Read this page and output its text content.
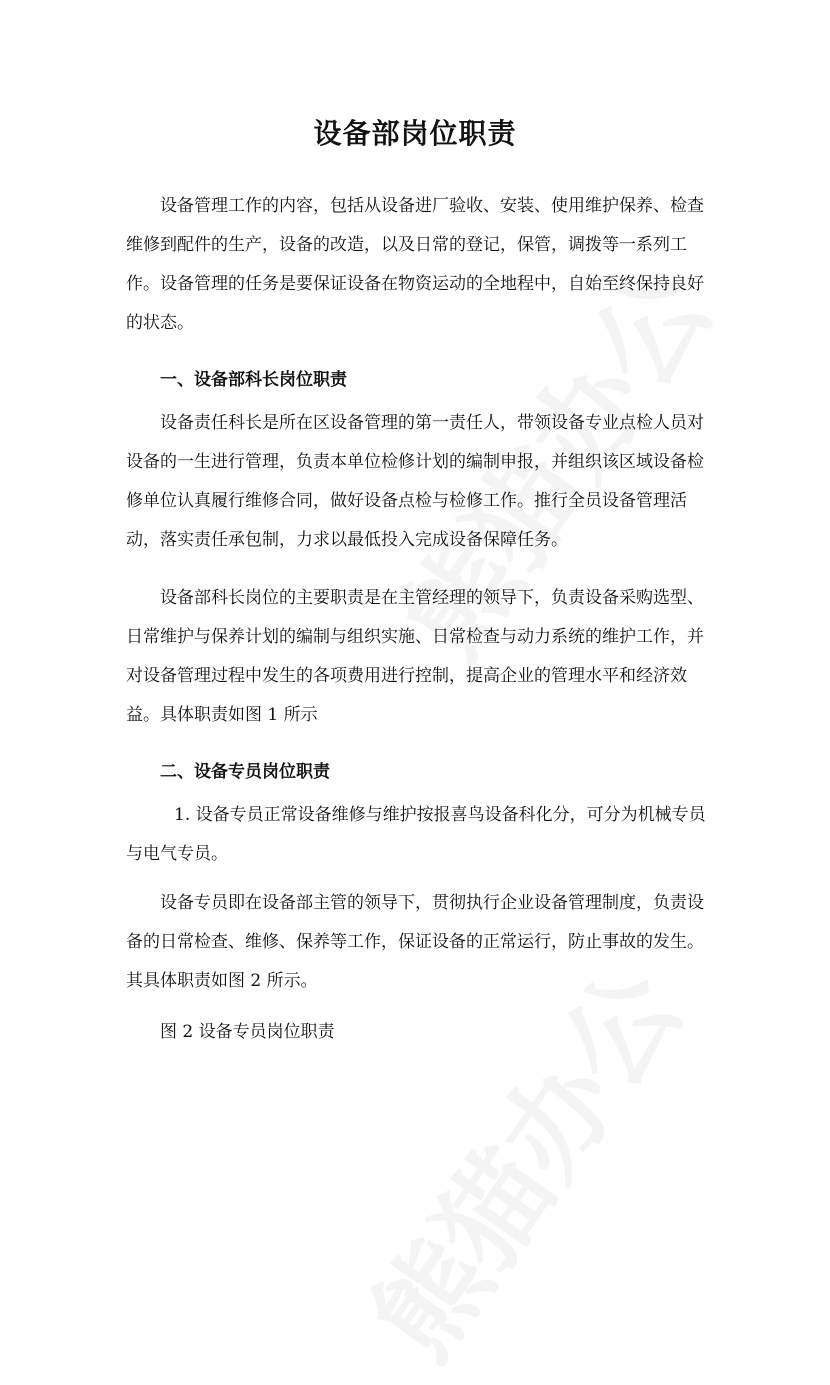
设备部岗位职责

设备管理工作的内容，包括从设备进厂验收、安装、使用维护保养、检查
维修到配件的生产，设备的改造，以及日常的登记，保管，调拨等一系列工
作。设备管理的任务是要保证设备在物资运动的全地程中，自始至终保持良好
的状态。

一、设备部科长岗位职责

设备责任科长是所在区设备管理的第一责任人，带领设备专业点检人员对
设备的一生进行管理，负责本单位检修计划的编制申报，并组织该区域设备检
修单位认真履行维修合同，做好设备点检与检修工作。推行全员设备管理活
动，落实责任承包制，力求以最低投入完成设备保障任务。

设备部科长岗位的主要职责是在主管经理的领导下，负责设备采购选型、
日常维护与保养计划的编制与组织实施、日常检查与动力系统的维护工作，并
对设备管理过程中发生的各项费用进行控制，提高企业的管理水平和经济效
益。具体职责如图 1 所示

二、设备专员岗位职责

1. 设备专员正常设备维修与维护按报喜鸟设备科化分，可分为机械专员
与电气专员。

设备专员即在设备部主管的领导下，贯彻执行企业设备管理制度，负责设
备的日常检查、维修、保养等工作，保证设备的正常运行，防止事故的发生。
其具体职责如图 2 所示。

图 2 设备专员岗位职责
